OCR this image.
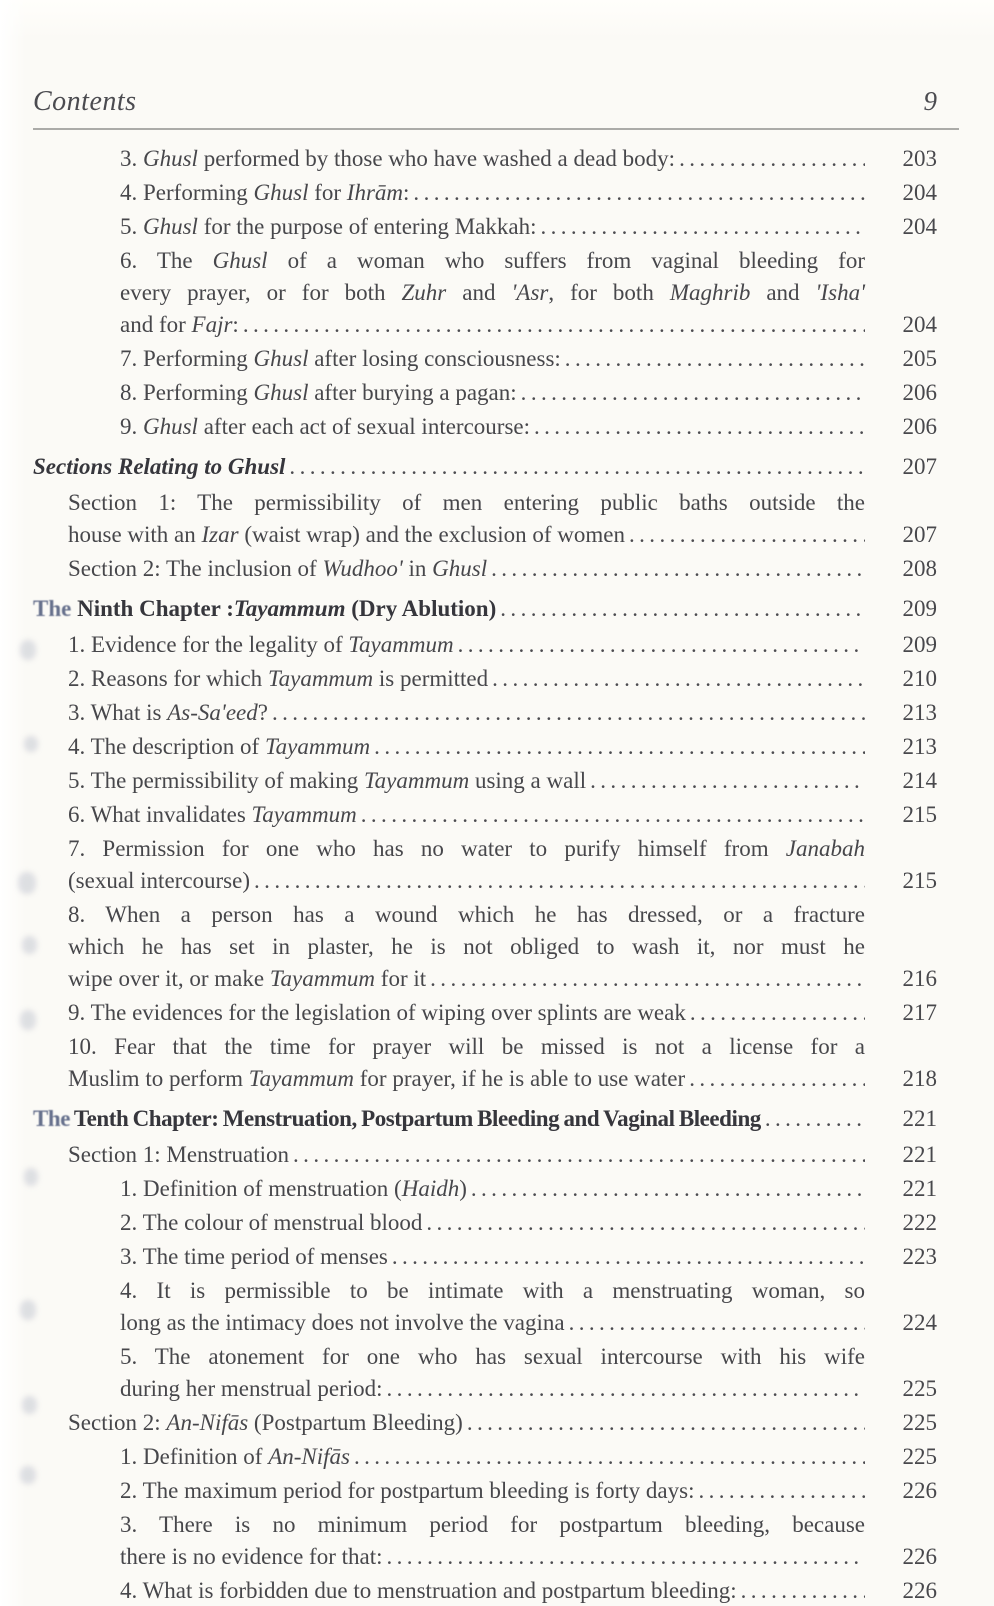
Contents	9
3. Ghusl performed by those who have washed a dead body: .....	203
4. Performing Ghusl for Ihrām: .....	204
5. Ghusl for the purpose of entering Makkah: .....	204
6. The Ghusl of a woman who suffers from vaginal bleeding for
every prayer, or for both Zuhr and 'Asr, for both Maghrib and 'Isha'
and for Fajr: .....	204
7. Performing Ghusl after losing consciousness: .....	205
8. Performing Ghusl after burying a pagan: .....	206
9. Ghusl after each act of sexual intercourse: .....	206
Sections Relating to Ghusl .....	207
Section 1: The permissibility of men entering public baths outside the
house with an Izar (waist wrap) and the exclusion of women .....	207
Section 2: The inclusion of Wudhoo' in Ghusl .....	208
The Ninth Chapter :Tayammum (Dry Ablution) .....	209
1. Evidence for the legality of Tayammum .....	209
2. Reasons for which Tayammum is permitted .....	210
3. What is As-Sa'eed? .....	213
4. The description of Tayammum .....	213
5. The permissibility of making Tayammum using a wall .....	214
6. What invalidates Tayammum .....	215
7. Permission for one who has no water to purify himself from Janabah
(sexual intercourse) .....	215
8. When a person has a wound which he has dressed, or a fracture
which he has set in plaster, he is not obliged to wash it, nor must he
wipe over it, or make Tayammum for it .....	216
9. The evidences for the legislation of wiping over splints are weak .....	217
10. Fear that the time for prayer will be missed is not a license for a
Muslim to perform Tayammum for prayer, if he is able to use water .....	218
The Tenth Chapter: Menstruation, Postpartum Bleeding and Vaginal Bleeding .....	221
Section 1: Menstruation .....	221
1. Definition of menstruation (Haidh) .....	221
2. The colour of menstrual blood .....	222
3. The time period of menses .....	223
4. It is permissible to be intimate with a menstruating woman, so
long as the intimacy does not involve the vagina .....	224
5. The atonement for one who has sexual intercourse with his wife
during her menstrual period: .....	225
Section 2: An-Nifās (Postpartum Bleeding) .....	225
1. Definition of An-Nifās .....	225
2. The maximum period for postpartum bleeding is forty days: .....	226
3. There is no minimum period for postpartum bleeding, because
there is no evidence for that: .....	226
4. What is forbidden due to menstruation and postpartum bleeding: .....	226
